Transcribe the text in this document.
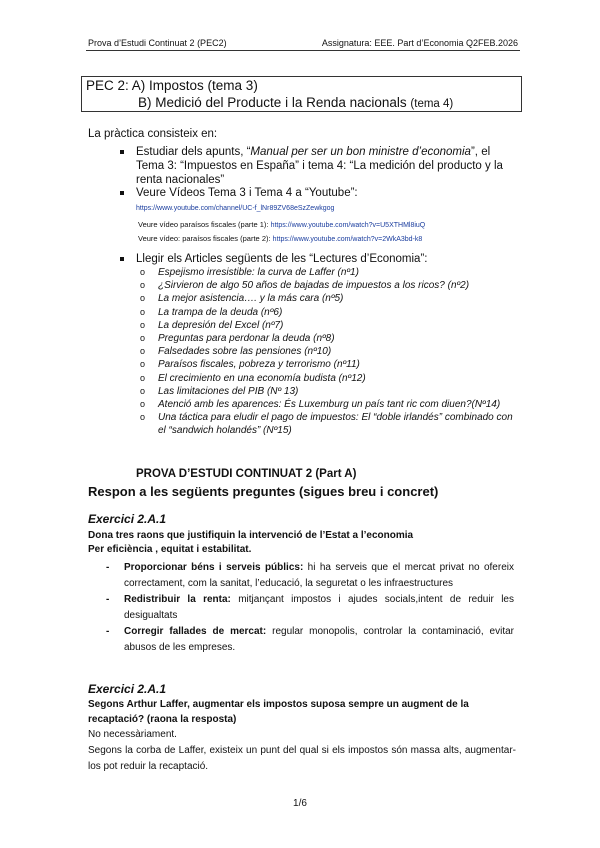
Prova d’Estudi Continuat 2 (PEC2)	Assignatura: EEE. Part d’Economia Q2FEB.2026
PEC 2: A) Impostos (tema 3)
B) Medició del Producte i la Renda nacionals (tema 4)
La pràctica consisteix en:
Estudiar dels apunts, “Manual per ser un bon ministre d’economia”, el Tema 3: “Impuestos en España” i tema 4: “La medición del producto y la renta nacionales”
Veure Vídeos Tema 3 i Tema 4 a “Youtube”:
https://www.youtube.com/channel/UC-f_lNr89ZV68eSzZewkgog
Veure vídeo paraísos fiscales (parte 1): https://www.youtube.com/watch?v=U5XTHMl8iuQ
Veure vídeo: paraísos fiscales (parte 2): https://www.youtube.com/watch?v=2WkA3bd-k8
Llegir els Articles següents de les “Lectures d’Economia”:
o Espejismo irresistible: la curva de Laffer (nº1)
o ¿Sirvieron de algo 50 años de bajadas de impuestos a los ricos? (nº2)
o La mejor asistencia…. y la más cara (nº5)
o La trampa de la deuda (nº6)
o La depresión del Excel (nº7)
o Preguntas para perdonar la deuda (nº8)
o Falsedades sobre las pensiones (nº10)
o Paraísos fiscales, pobreza y terrorismo (nº11)
o El crecimiento en una economía budista (nº12)
o Las limitaciones del PIB (Nº 13)
o Atenció amb les aparences: És Luxemburg un país tant ric com diuen?(Nº14)
o Una táctica para eludir el pago de impuestos: El “doble irlandés” combinado con el “sandwich holandés” (Nº15)
PROVA D’ESTUDI CONTINUAT 2 (Part A)
Respon a les següents preguntes (sigues breu i concret)
Exercici 2.A.1
Dona tres raons que justifiquin la intervenció de l’Estat a l’economia
Per eficiència , equitat i estabilitat.
- Proporcionar béns i serveis públics: hi ha serveis que el mercat privat no ofereix correctament, com la sanitat, l’educació, la seguretat o les infraestructures
- Redistribuir la renta: mitjançant impostos i ajudes socials,intent de reduir les desigualtats
- Corregir fallades de mercat: regular monopolis, controlar la contaminació, evitar abusos de les empreses.
Exercici 2.A.1
Segons Arthur Laffer, augmentar els impostos suposa sempre un augment de la recaptació? (raona la resposta)
No necessàriament.
Segons la corba de Laffer, existeix un punt del qual si els impostos són massa alts, augmentar-los pot reduir la recaptació.
1/6
